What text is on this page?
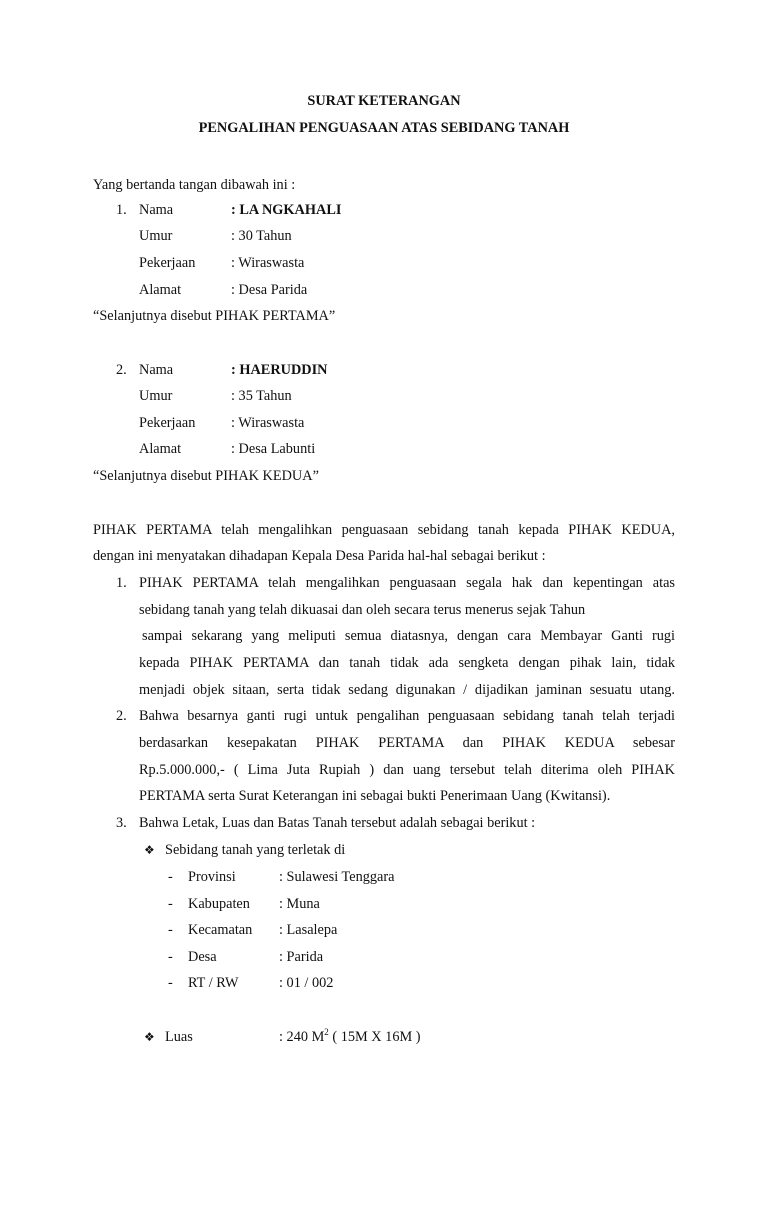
SURAT KETERANGAN
PENGALIHAN PENGUASAAN ATAS SEBIDANG TANAH
Yang bertanda tangan dibawah ini :
1. Nama	: LA NGKAHALI
Umur	: 30 Tahun
Pekerjaan : Wiraswasta
Alamat	: Desa Parida
“Selanjutnya disebut PIHAK PERTAMA”
2. Nama	: HAERUDDIN
Umur	: 35 Tahun
Pekerjaan : Wiraswasta
Alamat	: Desa Labunti
“Selanjutnya disebut PIHAK KEDUA”
PIHAK PERTAMA telah mengalihkan penguasaan sebidang tanah kepada PIHAK KEDUA,
dengan ini menyatakan dihadapan Kepala Desa Parida hal-hal sebagai berikut :
1. PIHAK PERTAMA telah mengalihkan penguasaan segala hak dan kepentingan atas
sebidang tanah yang telah dikuasai dan oleh secara terus menerus sejak Tahun
sampai sekarang yang meliputi semua diatasnya, dengan cara Membayar Ganti rugi
kepada PIHAK PERTAMA dan tanah tidak ada sengketa dengan pihak lain, tidak
menjadi objek sitaan, serta tidak sedang digunakan / dijadikan jaminan sesuatu utang.
2. Bahwa besarnya ganti rugi untuk pengalihan penguasaan sebidang tanah telah terjadi
berdasarkan kesepakatan PIHAK PERTAMA dan PIHAK KEDUA sebesar
Rp.5.000.000,- ( Lima Juta Rupiah ) dan uang tersebut telah diterima oleh PIHAK
PERTAMA serta Surat Keterangan ini sebagai bukti Penerimaan Uang (Kwitansi).
3. Bahwa Letak, Luas dan Batas Tanah tersebut adalah sebagai berikut :
❖ Sebidang tanah yang terletak di
- Provinsi	: Sulawesi Tenggara
- Kabupaten : Muna
- Kecamatan : Lasalepa
- Desa	: Parida
- RT / RW	: 01 / 002
❖ Luas	: 240 $M^2$ ( 15M X 16M )
